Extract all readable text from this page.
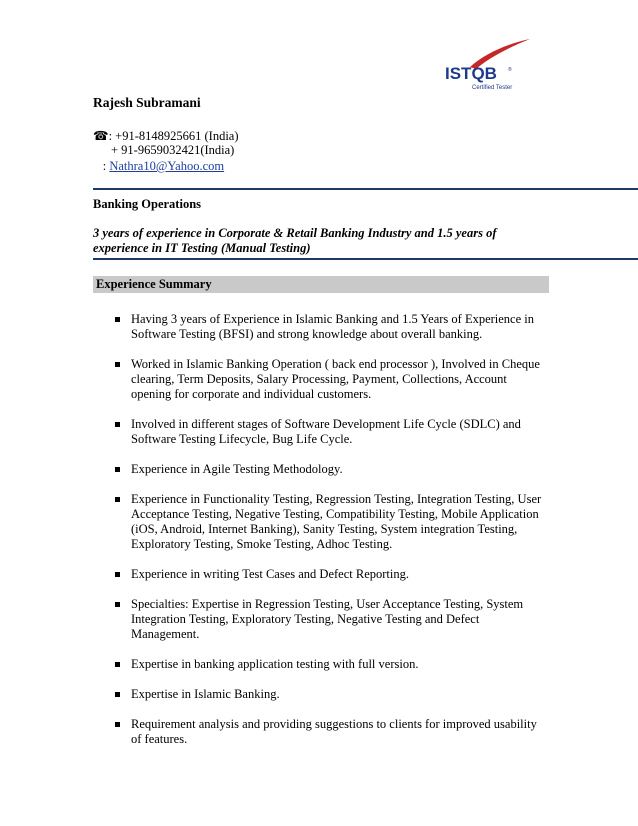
ISTQB ®
Certified Tester
Rajesh Subramani
☎: +91-8148925661 (India)
+ 91-9659032421(India)
: Nathra10@Yahoo.com
Banking Operations
3 years of experience in Corporate & Retail Banking Industry and 1.5 years of experience in IT Testing (Manual Testing)
Experience Summary
Having 3 years of Experience in Islamic Banking and 1.5 Years of Experience in Software Testing (BFSI) and strong knowledge about overall banking.
Worked in Islamic Banking Operation ( back end processor ), Involved in Cheque clearing, Term Deposits, Salary Processing, Payment, Collections, Account opening for corporate and individual customers.
Involved in different stages of Software Development Life Cycle (SDLC) and Software Testing Lifecycle, Bug Life Cycle.
Experience in Agile Testing Methodology.
Experience in Functionality Testing, Regression Testing, Integration Testing, User Acceptance Testing, Negative Testing, Compatibility Testing, Mobile Application (iOS, Android, Internet Banking), Sanity Testing, System integration Testing, Exploratory Testing, Smoke Testing, Adhoc Testing.
Experience in writing Test Cases and Defect Reporting.
Specialties: Expertise in Regression Testing, User Acceptance Testing, System Integration Testing, Exploratory Testing, Negative Testing and Defect Management.
Expertise in banking application testing with full version.
Expertise in Islamic Banking.
Requirement analysis and providing suggestions to clients for improved usability of features.
